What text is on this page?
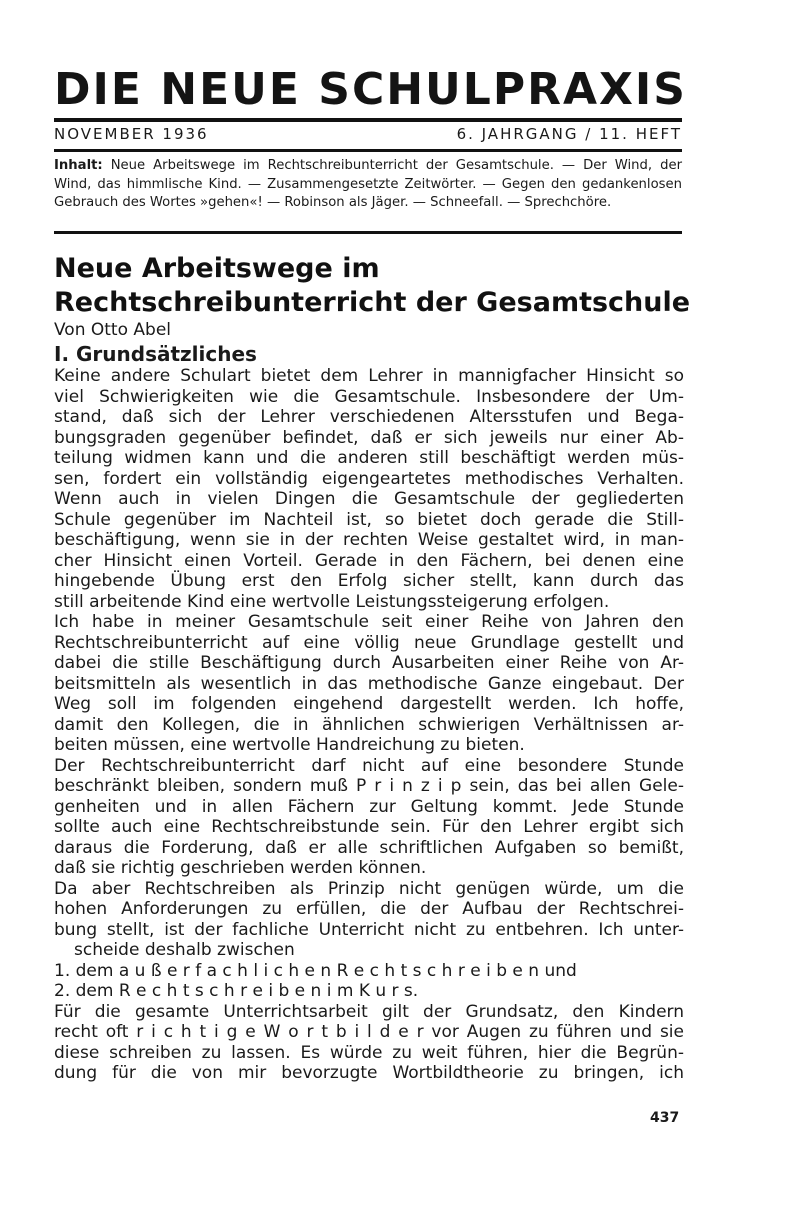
DIE NEUE SCHULPRAXIS
NOVEMBER 1936	6. JAHRGANG / 11. HEFT
Inhalt: Neue Arbeitswege im Rechtschreibunterricht der Gesamtschule. — Der Wind, der Wind, das himmlische Kind. — Zusammengesetzte Zeitwörter. — Gegen den gedankenlosen Gebrauch des Wortes »gehen«! — Robinson als Jäger. — Schneefall. — Sprechchöre.
Neue Arbeitswege im
Rechtschreibunterricht der Gesamtschule
Von Otto Abel
I. Grundsätzliches
Keine andere Schulart bietet dem Lehrer in mannigfacher Hinsicht so
viel Schwierigkeiten wie die Gesamtschule. Insbesondere der Um-
stand, daß sich der Lehrer verschiedenen Altersstufen und Bega-
bungsgraden gegenüber befindet, daß er sich jeweils nur einer Ab-
teilung widmen kann und die anderen still beschäftigt werden müs-
sen, fordert ein vollständig eigengeartetes methodisches Verhalten.
Wenn auch in vielen Dingen die Gesamtschule der gegliederten
Schule gegenüber im Nachteil ist, so bietet doch gerade die Still-
beschäftigung, wenn sie in der rechten Weise gestaltet wird, in man-
cher Hinsicht einen Vorteil. Gerade in den Fächern, bei denen eine
hingebende Übung erst den Erfolg sicher stellt, kann durch das
still arbeitende Kind eine wertvolle Leistungssteigerung erfolgen.
Ich habe in meiner Gesamtschule seit einer Reihe von Jahren den
Rechtschreibunterricht auf eine völlig neue Grundlage gestellt und
dabei die stille Beschäftigung durch Ausarbeiten einer Reihe von Ar-
beitsmitteln als wesentlich in das methodische Ganze eingebaut. Der
Weg soll im folgenden eingehend dargestellt werden. Ich hoffe,
damit den Kollegen, die in ähnlichen schwierigen Verhältnissen ar-
beiten müssen, eine wertvolle Handreichung zu bieten.
Der Rechtschreibunterricht darf nicht auf eine besondere Stunde
beschränkt bleiben, sondern muß P r i n z i p sein, das bei allen Gele-
genheiten und in allen Fächern zur Geltung kommt. Jede Stunde
sollte auch eine Rechtschreibstunde sein. Für den Lehrer ergibt sich
daraus die Forderung, daß er alle schriftlichen Aufgaben so bemißt,
daß sie richtig geschrieben werden können.
Da aber Rechtschreiben als Prinzip nicht genügen würde, um die
hohen Anforderungen zu erfüllen, die der Aufbau der Rechtschrei-
bung stellt, ist der fachliche Unterricht nicht zu entbehren. Ich unter-
scheide deshalb zwischen
1. dem a u ß e r f a c h l i c h e n R e c h t s c h r e i b e n und
2. dem R e c h t s c h r e i b e n i m K u r s.
Für die gesamte Unterrichtsarbeit gilt der Grundsatz, den Kindern
recht oft r i c h t i g e W o r t b i l d e r vor Augen zu führen und sie
diese schreiben zu lassen. Es würde zu weit führen, hier die Begrün-
dung für die von mir bevorzugte Wortbildtheorie zu bringen, ich
437
